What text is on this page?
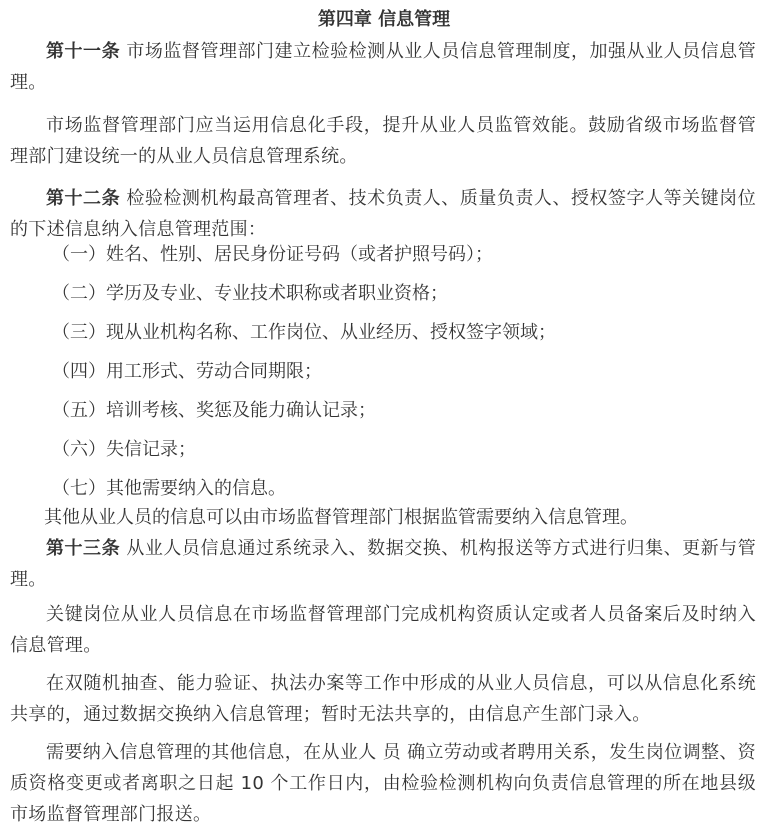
第四章 信息管理
第十一条 市场监督管理部门建立检验检测从业人员信息管理制度，加强从业人员信息管理。
市场监督管理部门应当运用信息化手段，提升从业人员监管效能。鼓励省级市场监督管理部门建设统一的从业人员信息管理系统。
第十二条 检验检测机构最高管理者、技术负责人、质量负责人、授权签字人等关键岗位的下述信息纳入信息管理范围：
（一）姓名、性别、居民身份证号码（或者护照号码）；
（二）学历及专业、专业技术职称或者职业资格；
（三）现从业机构名称、工作岗位、从业经历、授权签字领域；
（四）用工形式、劳动合同期限；
（五）培训考核、奖惩及能力确认记录；
（六）失信记录；
（七）其他需要纳入的信息。
其他从业人员的信息可以由市场监督管理部门根据监管需要纳入信息管理。
第十三条 从业人员信息通过系统录入、数据交换、机构报送等方式进行归集、更新与管理。
关键岗位从业人员信息在市场监督管理部门完成机构资质认定或者人员备案后及时纳入信息管理。
在双随机抽查、能力验证、执法办案等工作中形成的从业人员信息，可以从信息化系统共享的，通过数据交换纳入信息管理；暂时无法共享的，由信息产生部门录入。
需要纳入信息管理的其他信息，在从业人 员 确立劳动或者聘用关系，发生岗位调整、资质资格变更或者离职之日起 10 个工作日内，由检验检测机构向负责信息管理的所在地县级市场监督管理部门报送。
